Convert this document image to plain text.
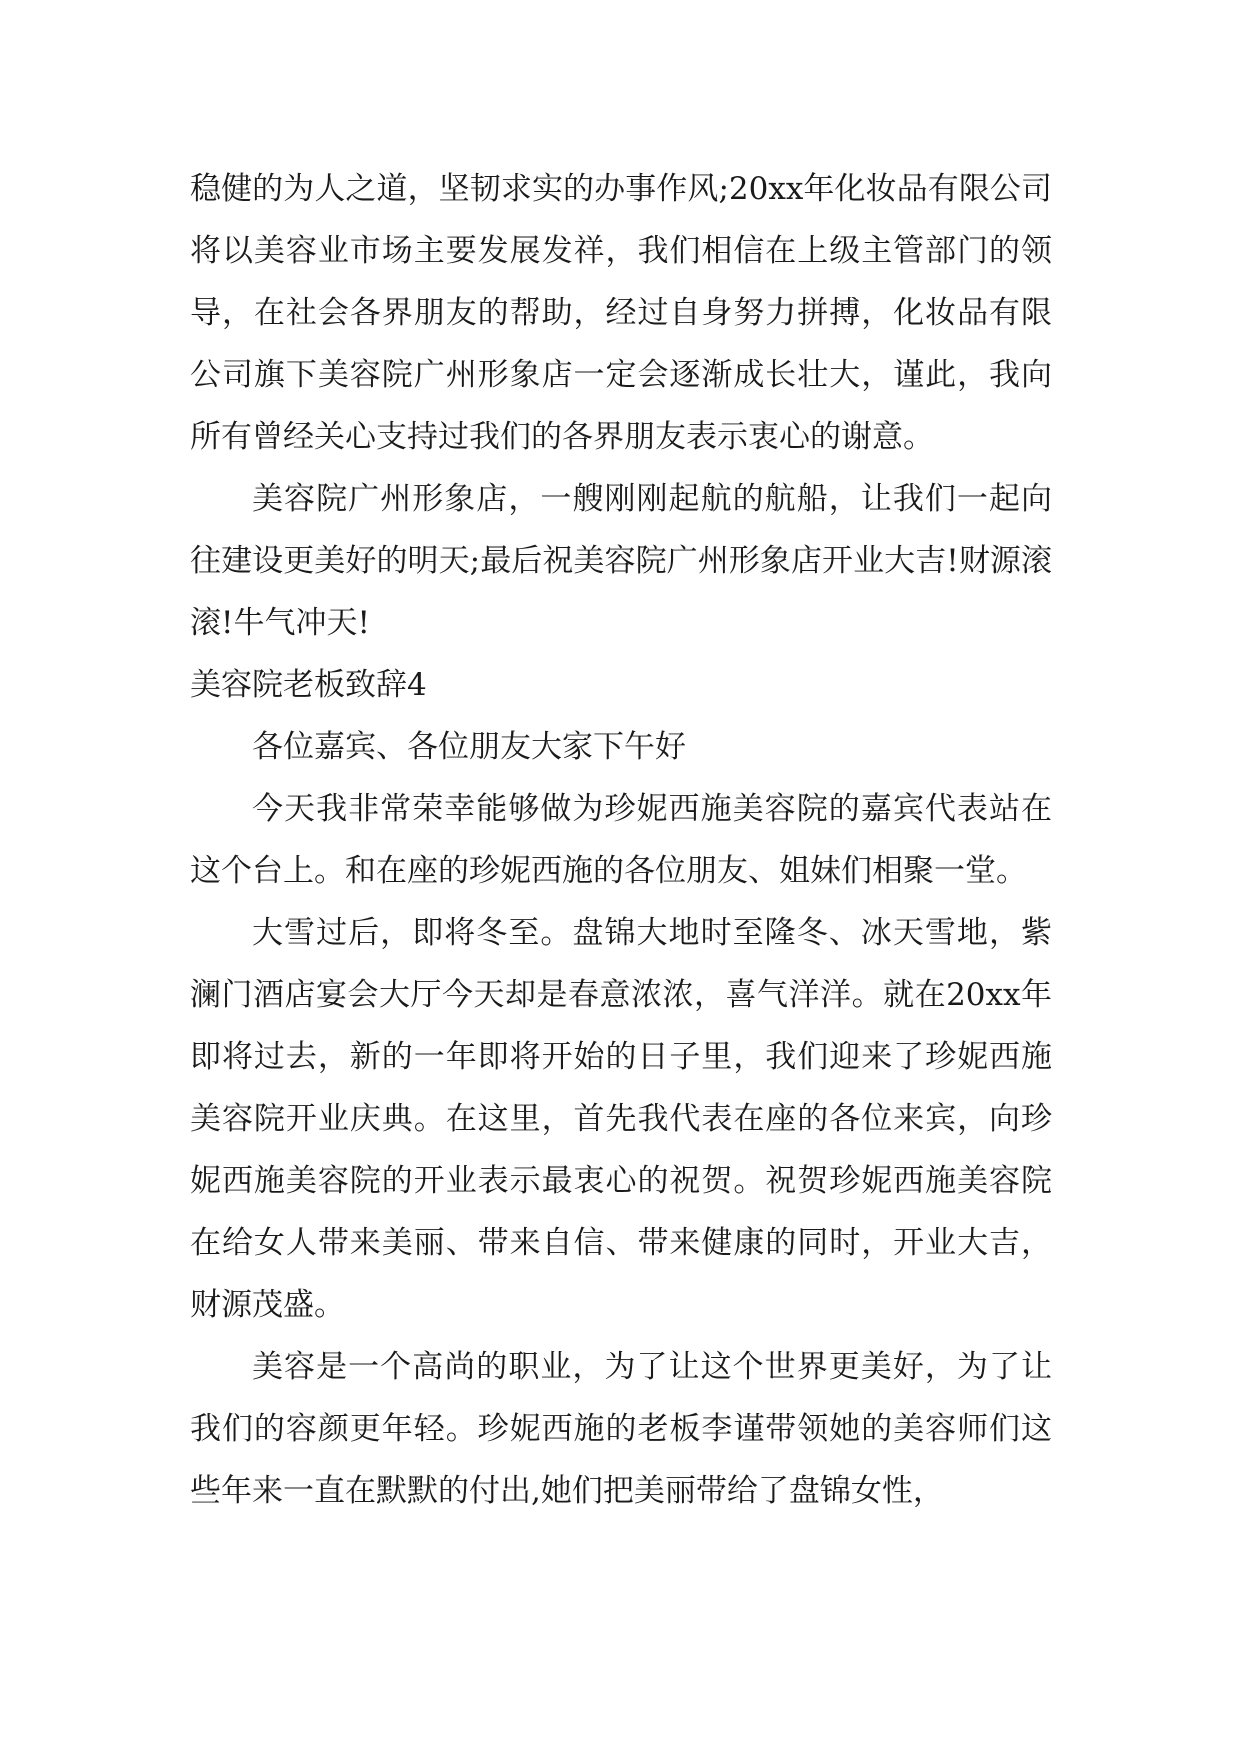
稳健的为人之道，坚韧求实的办事作风;20xx年化妆品有限公司将以美容业市场主要发展发祥，我们相信在上级主管部门的领导，在社会各界朋友的帮助，经过自身努力拼搏，化妆品有限公司旗下美容院广州形象店一定会逐渐成长壮大，谨此，我向所有曾经关心支持过我们的各界朋友表示衷心的谢意。

美容院广州形象店，一艘刚刚起航的航船，让我们一起向往建设更美好的明天;最后祝美容院广州形象店开业大吉!财源滚滚!牛气冲天!

美容院老板致辞4

各位嘉宾、各位朋友大家下午好

今天我非常荣幸能够做为珍妮西施美容院的嘉宾代表站在这个台上。和在座的珍妮西施的各位朋友、姐妹们相聚一堂。

大雪过后，即将冬至。盘锦大地时至隆冬、冰天雪地，紫澜门酒店宴会大厅今天却是春意浓浓，喜气洋洋。就在20xx年即将过去，新的一年即将开始的日子里，我们迎来了珍妮西施美容院开业庆典。在这里，首先我代表在座的各位来宾，向珍妮西施美容院的开业表示最衷心的祝贺。祝贺珍妮西施美容院在给女人带来美丽、带来自信、带来健康的同时，开业大吉，财源茂盛。

美容是一个高尚的职业，为了让这个世界更美好，为了让我们的容颜更年轻。珍妮西施的老板李谨带领她的美容师们这些年来一直在默默的付出,她们把美丽带给了盘锦女性，
